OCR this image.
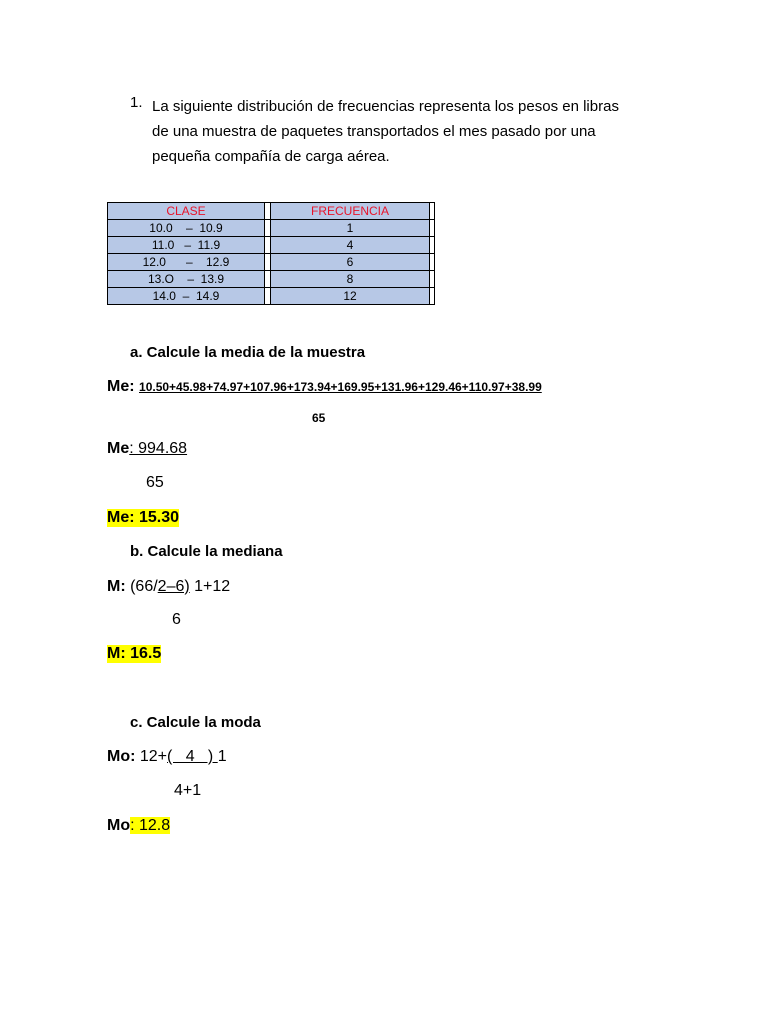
1. La siguiente distribución de frecuencias representa los pesos en libras
de una muestra de paquetes transportados el mes pasado por una
pequeña compañía de carga aérea.
CLASE		FRECUENCIA	
10.0    –  10.9		1	
11.0   –  11.9		4	
12.0      –    12.9		6	
13.O    –  13.9		8	
14.0  –  14.9		12	
a. Calcule la media de la muestra
Me: 10.50+45.98+74.97+107.96+173.94+169.95+131.96+129.46+110.97+38.99
65
Me: 994.68
65
Me: 15.30
b. Calcule la mediana
M: (66/2–6) 1+12
6
M: 16.5
c. Calcule la moda
Mo: 12+(   4   ) 1
4+1
Mo: 12.8
